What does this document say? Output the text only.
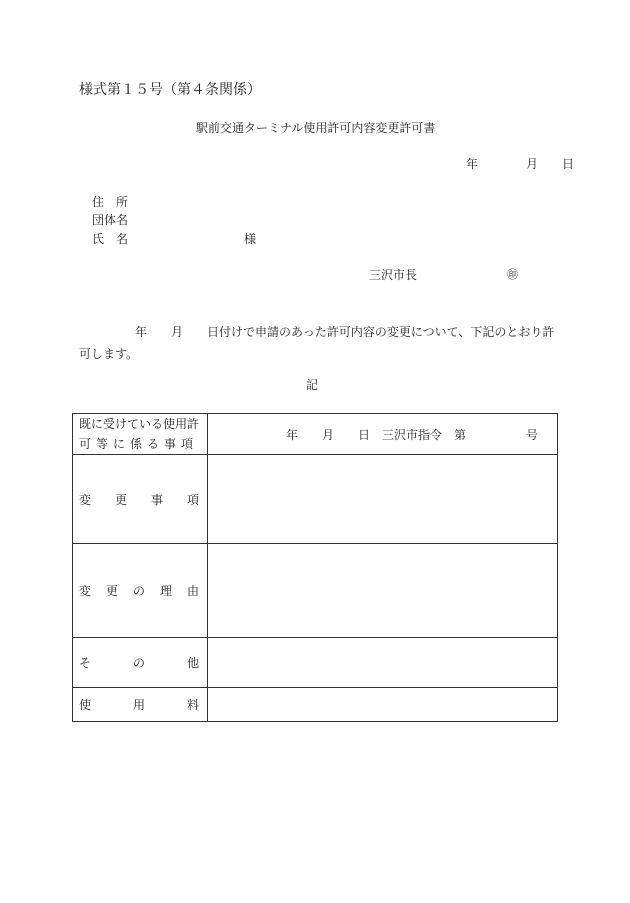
様式第１５号（第４条関係）
駅前交通ターミナル使用許可内容変更許可書
年	月 日
住　所
団体名
氏　名	様
三沢市長	㊞
年　　月　　日付けで申請のあった許可内容の変更について、下記のとおり許
可します。
記
既に受けている使用許
可等に係る事項	年　　月　　日　三沢市指令　第　　　　　号

変 更 事 項	

変 更 の 理 由	

そ の 他	

使 用 料	
